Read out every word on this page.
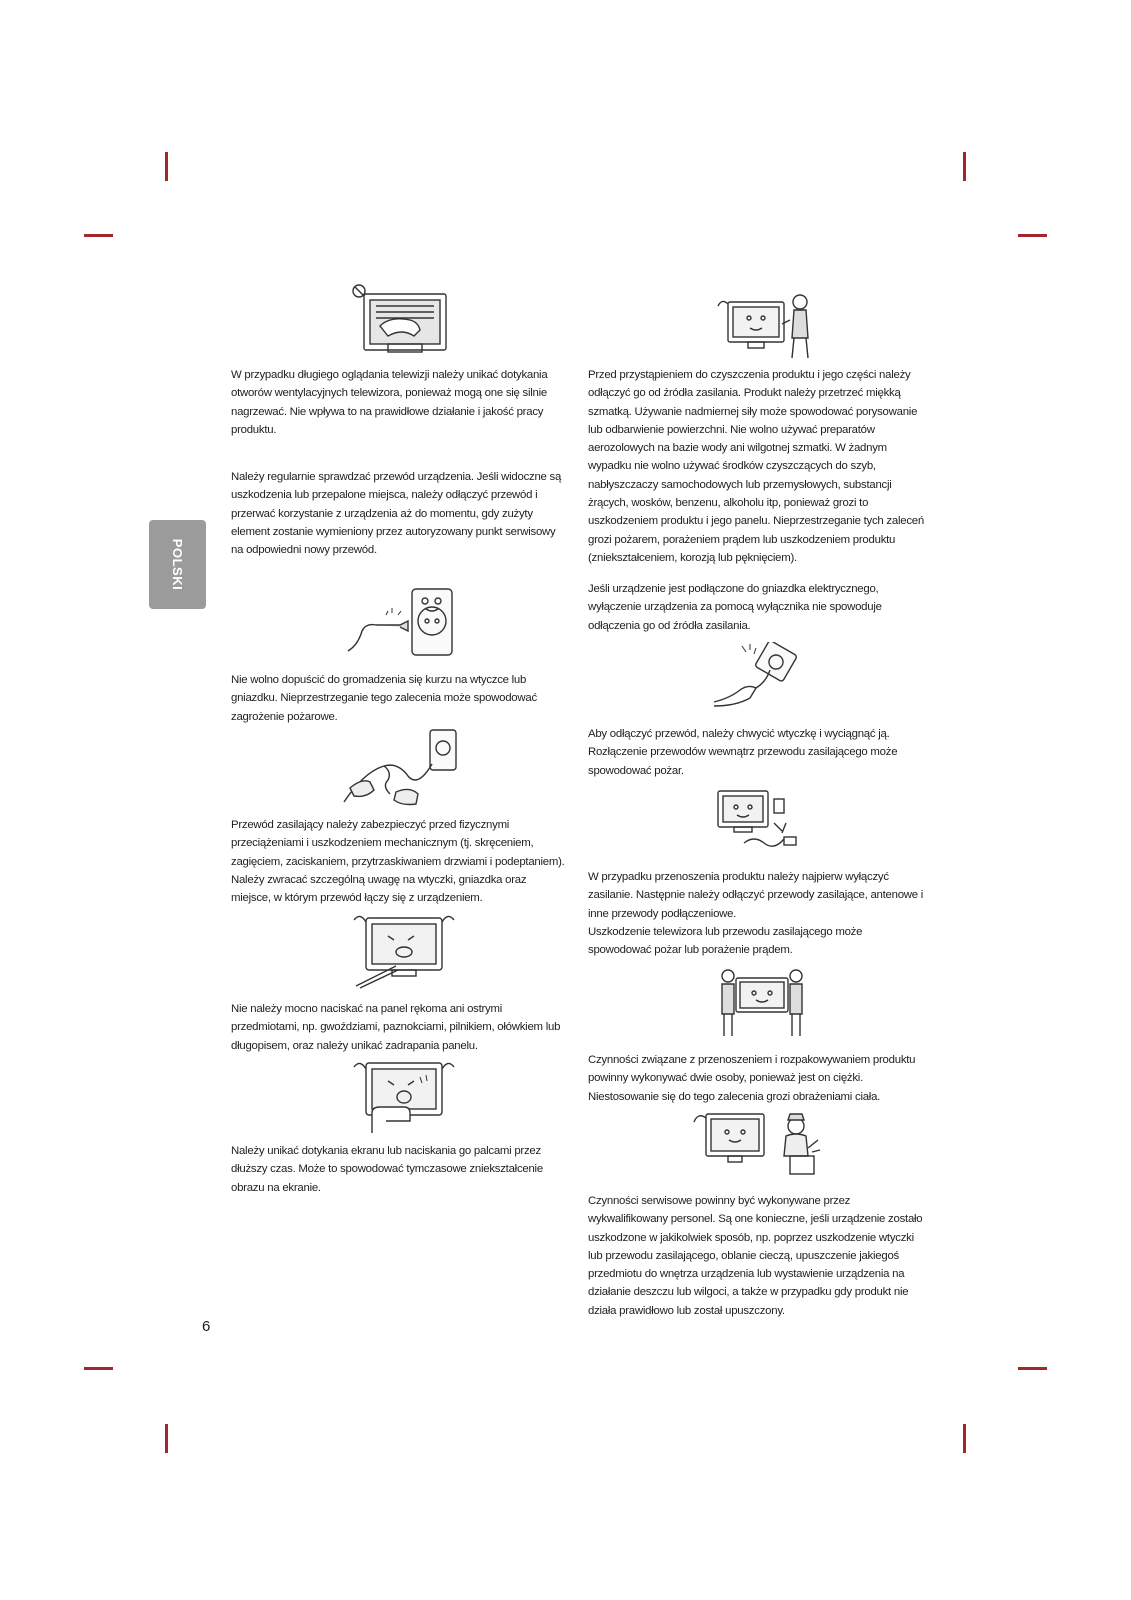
POLSKI

W przypadku długiego oglądania telewizji należy unikać dotykania otworów wentylacyjnych telewizora, ponieważ mogą one się silnie nagrzewać. Nie wpływa to na prawidłowe działanie i jakość pracy produktu.

Należy regularnie sprawdzać przewód urządzenia. Jeśli widoczne są uszkodzenia lub przepalone miejsca, należy odłączyć przewód i przerwać korzystanie z urządzenia aż do momentu, gdy zużyty element zostanie wymieniony przez autoryzowany punkt serwisowy na odpowiedni nowy przewód.

Nie wolno dopuścić do gromadzenia się kurzu na wtyczce lub gniazdku. Nieprzestrzeganie tego zalecenia może spowodować zagrożenie pożarowe.

Przewód zasilający należy zabezpieczyć przed fizycznymi przeciążeniami i uszkodzeniem mechanicznym (tj. skręceniem, zagięciem, zaciskaniem, przytrzaskiwaniem drzwiami i podeptaniem). Należy zwracać szczególną uwagę na wtyczki, gniazdka oraz miejsce, w którym przewód łączy się z urządzeniem.

Nie należy mocno naciskać na panel rękoma ani ostrymi przedmiotami, np. gwoździami, paznokciami, pilnikiem, ołówkiem lub długopisem, oraz należy unikać zadrapania panelu.

Należy unikać dotykania ekranu lub naciskania go palcami przez dłuższy czas. Może to spowodować tymczasowe zniekształcenie obrazu na ekranie.

Przed przystąpieniem do czyszczenia produktu i jego części należy odłączyć go od źródła zasilania. Produkt należy przetrzeć miękką szmatką. Używanie nadmiernej siły może spowodować porysowanie lub odbarwienie powierzchni. Nie wolno używać preparatów aerozolowych na bazie wody ani wilgotnej szmatki. W żadnym wypadku nie wolno używać środków czyszczących do szyb, nabłyszczaczy samochodowych lub przemysłowych, substancji żrących, wosków, benzenu, alkoholu itp, ponieważ grozi to uszkodzeniem produktu i jego panelu. Nieprzestrzeganie tych zaleceń grozi pożarem, porażeniem prądem lub uszkodzeniem produktu (zniekształceniem, korozją lub pęknięciem).

Jeśli urządzenie jest podłączone do gniazdka elektrycznego, wyłączenie urządzenia za pomocą wyłącznika nie spowoduje odłączenia go od źródła zasilania.

Aby odłączyć przewód, należy chwycić wtyczkę i wyciągnąć ją. Rozłączenie przewodów wewnątrz przewodu zasilającego może spowodować pożar.

W przypadku przenoszenia produktu należy najpierw wyłączyć zasilanie. Następnie należy odłączyć przewody zasilające, antenowe i inne przewody podłączeniowe.
Uszkodzenie telewizora lub przewodu zasilającego może spowodować pożar lub porażenie prądem.

Czynności związane z przenoszeniem i rozpakowywaniem produktu powinny wykonywać dwie osoby, ponieważ jest on ciężki. Niestosowanie się do tego zalecenia grozi obrażeniami ciała.

Czynności serwisowe powinny być wykonywane przez wykwalifikowany personel. Są one konieczne, jeśli urządzenie zostało uszkodzone w jakikolwiek sposób, np. poprzez uszkodzenie wtyczki lub przewodu zasilającego, oblanie cieczą, upuszczenie jakiegoś przedmiotu do wnętrza urządzenia lub wystawienie urządzenia na działanie deszczu lub wilgoci, a także w przypadku gdy produkt nie działa prawidłowo lub został upuszczony.

6
